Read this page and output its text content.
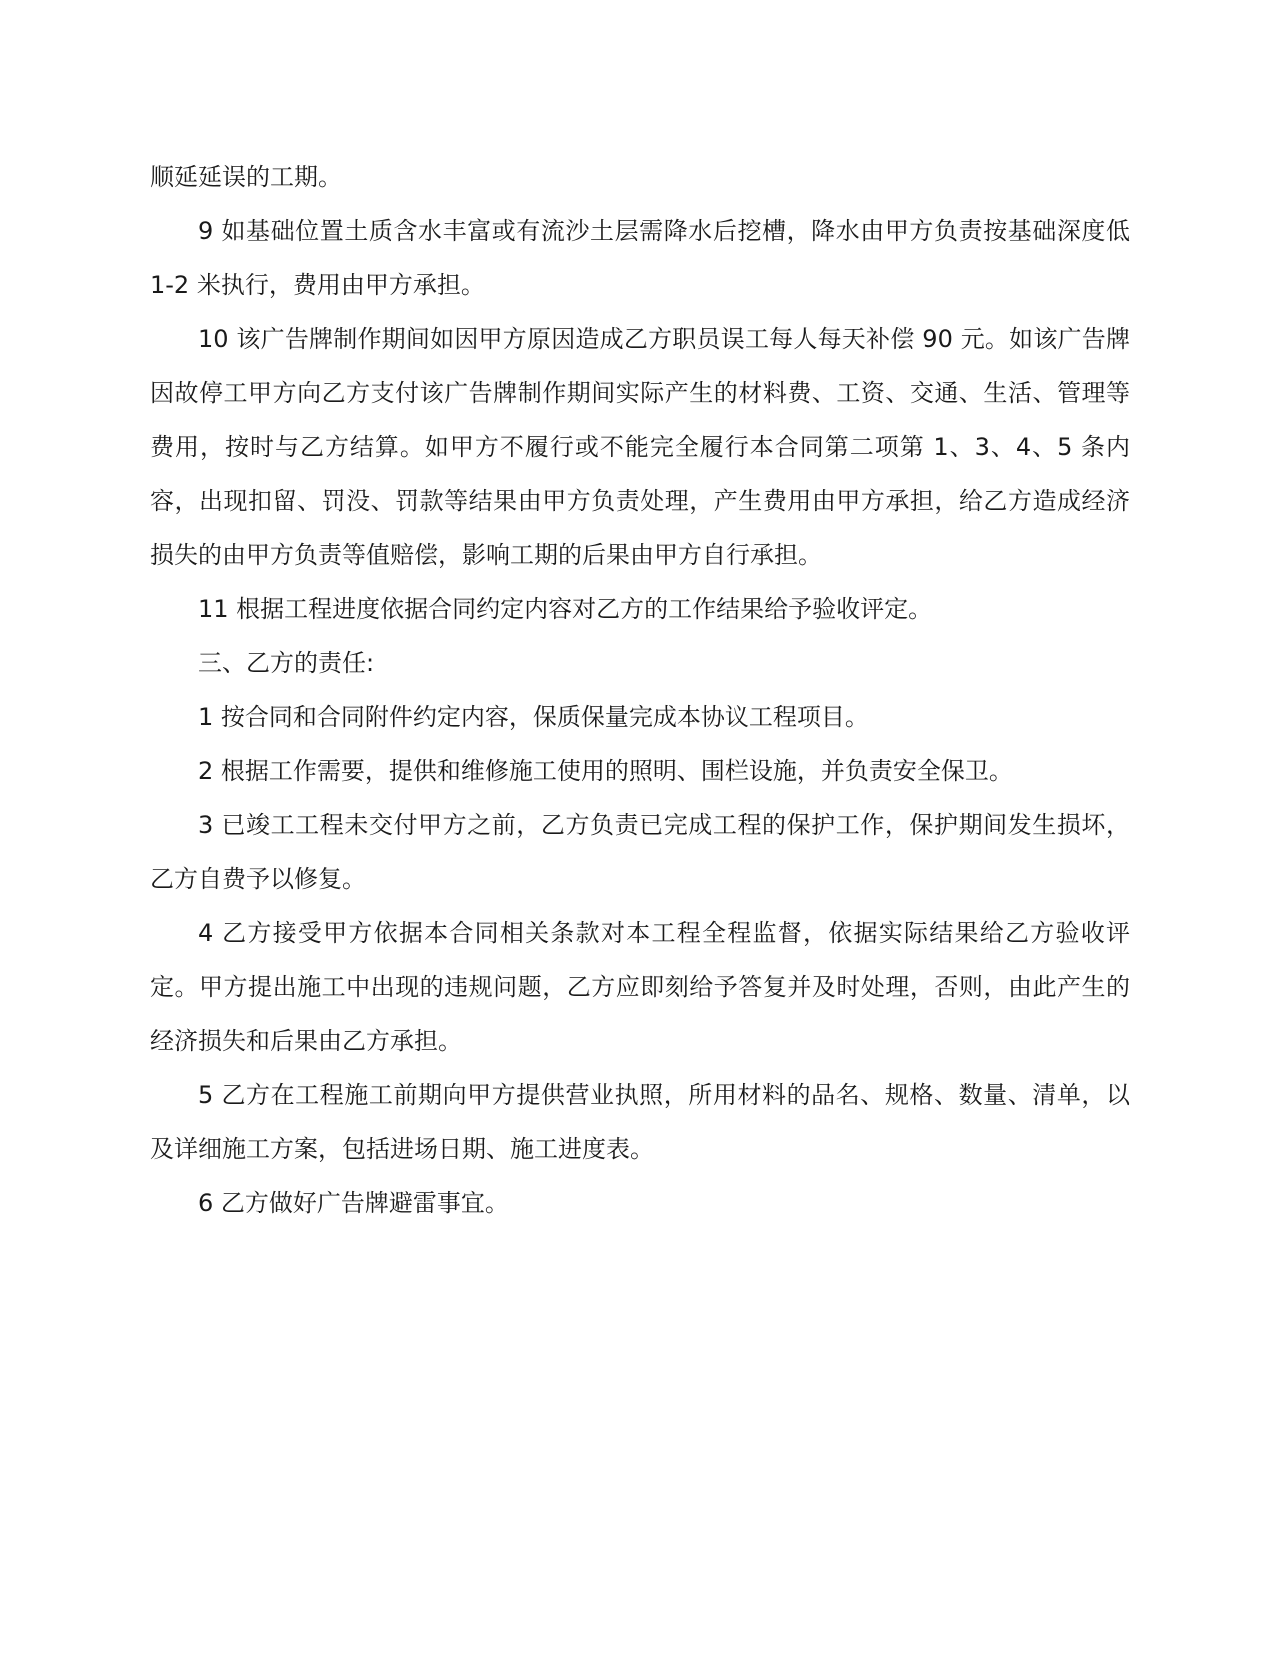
顺延延误的工期。

9 如基础位置土质含水丰富或有流沙土层需降水后挖槽，降水由甲方负责按基础深度低 1-2 米执行，费用由甲方承担。

10 该广告牌制作期间如因甲方原因造成乙方职员误工每人每天补偿 90 元。如该广告牌因故停工甲方向乙方支付该广告牌制作期间实际产生的材料费、工资、交通、生活、管理等费用，按时与乙方结算。如甲方不履行或不能完全履行本合同第二项第 1、3、4、5 条内容，出现扣留、罚没、罚款等结果由甲方负责处理，产生费用由甲方承担，给乙方造成经济损失的由甲方负责等值赔偿，影响工期的后果由甲方自行承担。

11 根据工程进度依据合同约定内容对乙方的工作结果给予验收评定。

三、乙方的责任:

1 按合同和合同附件约定内容，保质保量完成本协议工程项目。

2 根据工作需要，提供和维修施工使用的照明、围栏设施，并负责安全保卫。

3 已竣工工程未交付甲方之前，乙方负责已完成工程的保护工作，保护期间发生损坏，乙方自费予以修复。

4 乙方接受甲方依据本合同相关条款对本工程全程监督，依据实际结果给乙方验收评定。甲方提出施工中出现的违规问题，乙方应即刻给予答复并及时处理，否则，由此产生的经济损失和后果由乙方承担。

5 乙方在工程施工前期向甲方提供营业执照，所用材料的品名、规格、数量、清单，以及详细施工方案，包括进场日期、施工进度表。

6 乙方做好广告牌避雷事宜。
